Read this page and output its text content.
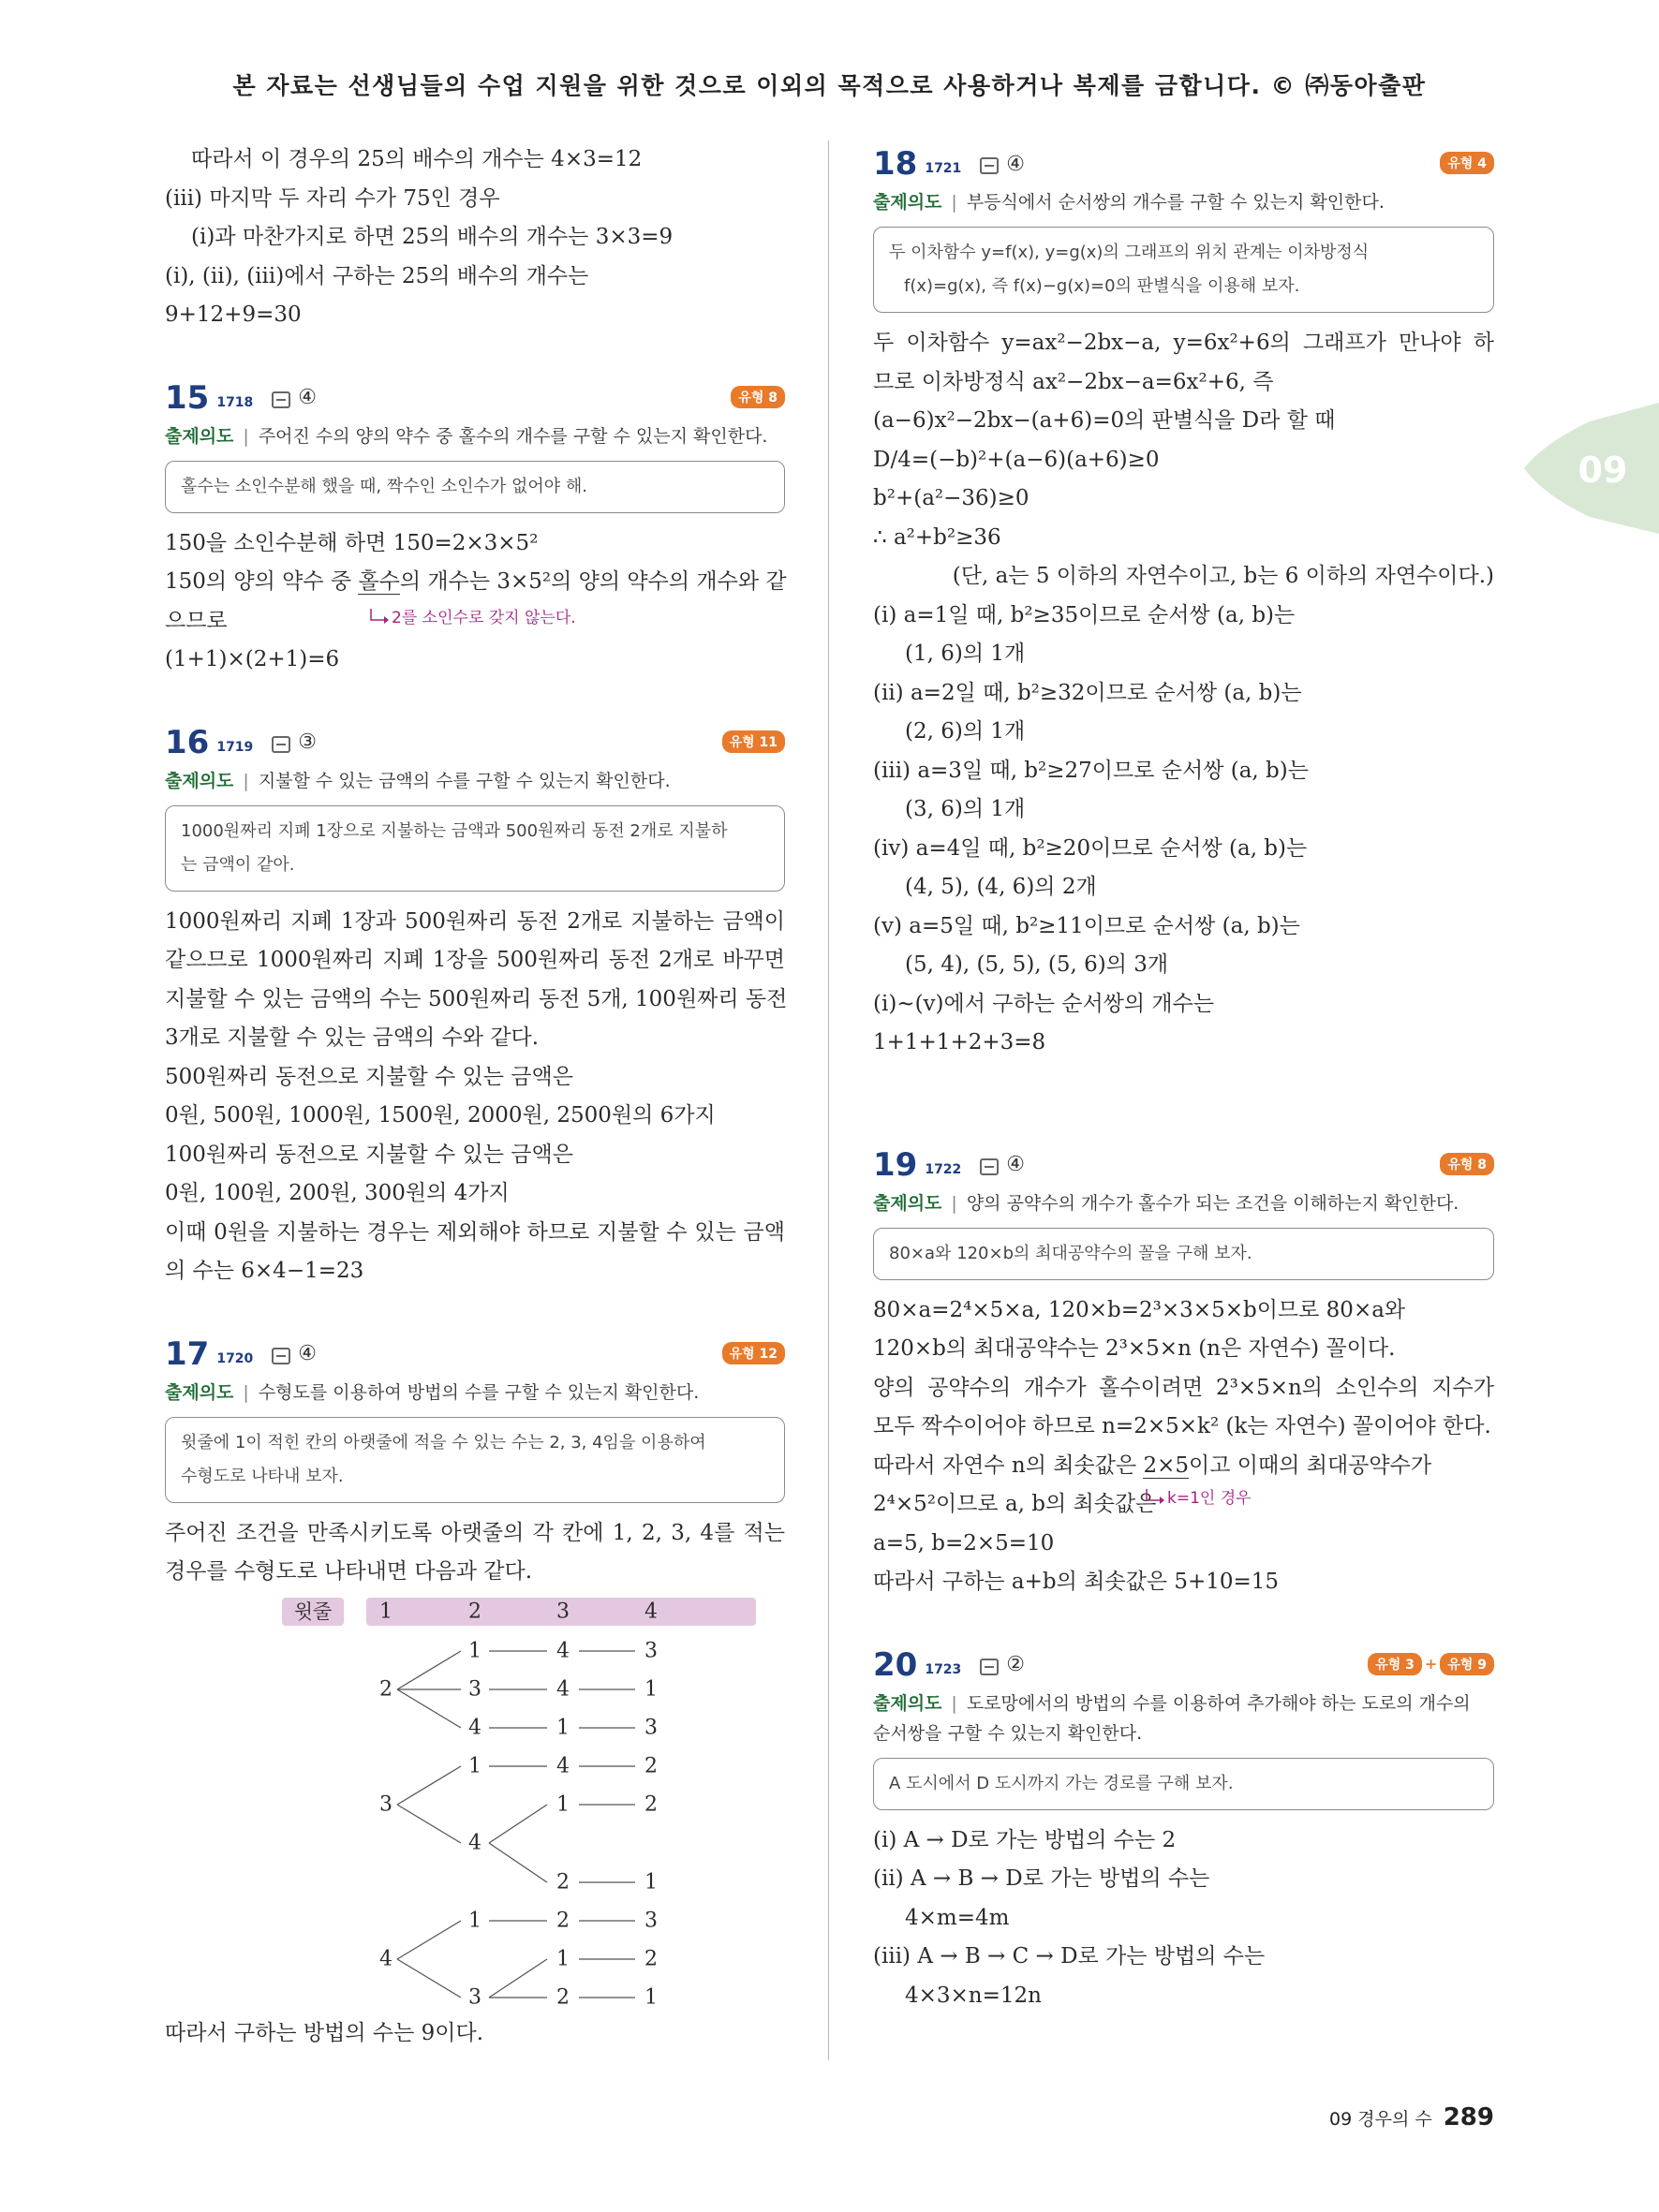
본 자료는 선생님들의 수업 지원을 위한 것으로 이외의 목적으로 사용하거나 복제를 금합니다. © ㈜동아출판
09
따라서 이 경우의 25의 배수의 개수는 4×3=12
(ⅲ) 마지막 두 자리 수가 75인 경우
(ⅰ)과 마찬가지로 하면 25의 배수의 개수는 3×3=9
(ⅰ), (ⅱ), (ⅲ)에서 구하는 25의 배수의 개수는
9+12+9=30
15 1718 ④	유형 8
출제의도 | 주어진 수의 양의 약수 중 홀수의 개수를 구할 수 있는지 확인한다.
홀수는 소인수분해 했을 때, 짝수인 소인수가 없어야 해.
150을 소인수분해 하면 150=2×3×5²
150의 양의 약수 중 홀수의 개수는 3×5²의 양의 약수의 개수와 같
으므로	2를 소인수로 갖지 않는다.
(1+1)×(2+1)=6
16 1719 ③	유형 11
출제의도 | 지불할 수 있는 금액의 수를 구할 수 있는지 확인한다.
1000원짜리 지폐 1장으로 지불하는 금액과 500원짜리 동전 2개로 지불하
는 금액이 같아.
1000원짜리 지폐 1장과 500원짜리 동전 2개로 지불하는 금액이
같으므로 1000원짜리 지폐 1장을 500원짜리 동전 2개로 바꾸면
지불할 수 있는 금액의 수는 500원짜리 동전 5개, 100원짜리 동전
3개로 지불할 수 있는 금액의 수와 같다.
500원짜리 동전으로 지불할 수 있는 금액은
0원, 500원, 1000원, 1500원, 2000원, 2500원의 6가지
100원짜리 동전으로 지불할 수 있는 금액은
0원, 100원, 200원, 300원의 4가지
이때 0원을 지불하는 경우는 제외해야 하므로 지불할 수 있는 금액
의 수는 6×4−1=23
17 1720 ④	유형 12
출제의도 | 수형도를 이용하여 방법의 수를 구할 수 있는지 확인한다.
윗줄에 1이 적힌 칸의 아랫줄에 적을 수 있는 수는 2, 3, 4임을 이용하여
수형도로 나타내 보자.
주어진 조건을 만족시키도록 아랫줄의 각 칸에 1, 2, 3, 4를 적는
경우를 수형도로 나타내면 다음과 같다.
윗줄	1	2	3	4
2
3
4
1	4	3
3	4	1
4	1	3
1	4	2
4
1	2
2	1
1	2	3
3
1	2
2	1
따라서 구하는 방법의 수는 9이다.
18 1721 ④	유형 4
출제의도 | 부등식에서 순서쌍의 개수를 구할 수 있는지 확인한다.
두 이차함수 y=f(x), y=g(x)의 그래프의 위치 관계는 이차방정식
f(x)=g(x), 즉 f(x)−g(x)=0의 판별식을 이용해 보자.
두 이차함수 y=ax²−2bx−a, y=6x²+6의 그래프가 만나야 하
므로 이차방정식 ax²−2bx−a=6x²+6, 즉
(a−6)x²−2bx−(a+6)=0의 판별식을 D라 할 때
D/4=(−b)²+(a−6)(a+6)≥0
b²+(a²−36)≥0
∴ a²+b²≥36
(단, a는 5 이하의 자연수이고, b는 6 이하의 자연수이다.)
(ⅰ) a=1일 때, b²≥35이므로 순서쌍 (a, b)는
(1, 6)의 1개
(ⅱ) a=2일 때, b²≥32이므로 순서쌍 (a, b)는
(2, 6)의 1개
(ⅲ) a=3일 때, b²≥27이므로 순서쌍 (a, b)는
(3, 6)의 1개
(ⅳ) a=4일 때, b²≥20이므로 순서쌍 (a, b)는
(4, 5), (4, 6)의 2개
(ⅴ) a=5일 때, b²≥11이므로 순서쌍 (a, b)는
(5, 4), (5, 5), (5, 6)의 3개
(ⅰ)~(ⅴ)에서 구하는 순서쌍의 개수는
1+1+1+2+3=8
19 1722 ④	유형 8
출제의도 | 양의 공약수의 개수가 홀수가 되는 조건을 이해하는지 확인한다.
80×a와 120×b의 최대공약수의 꼴을 구해 보자.
80×a=2⁴×5×a, 120×b=2³×3×5×b이므로 80×a와
120×b의 최대공약수는 2³×5×n (n은 자연수) 꼴이다.
양의 공약수의 개수가 홀수이려면 2³×5×n의 소인수의 지수가
모두 짝수이어야 하므로 n=2×5×k² (k는 자연수) 꼴이어야 한다.
따라서 자연수 n의 최솟값은 2×5이고 이때의 최대공약수가
2⁴×5²이므로 a, b의 최솟값은 k=1인 경우
a=5, b=2×5=10
따라서 구하는 a+b의 최솟값은 5+10=15
20 1723 ②	유형 3 + 유형 9
출제의도 | 도로망에서의 방법의 수를 이용하여 추가해야 하는 도로의 개수의
순서쌍을 구할 수 있는지 확인한다.
A 도시에서 D 도시까지 가는 경로를 구해 보자.
(ⅰ) A → D로 가는 방법의 수는 2
(ⅱ) A → B → D로 가는 방법의 수는
4×m=4m
(ⅲ) A → B → C → D로 가는 방법의 수는
4×3×n=12n
09 경우의 수 289
